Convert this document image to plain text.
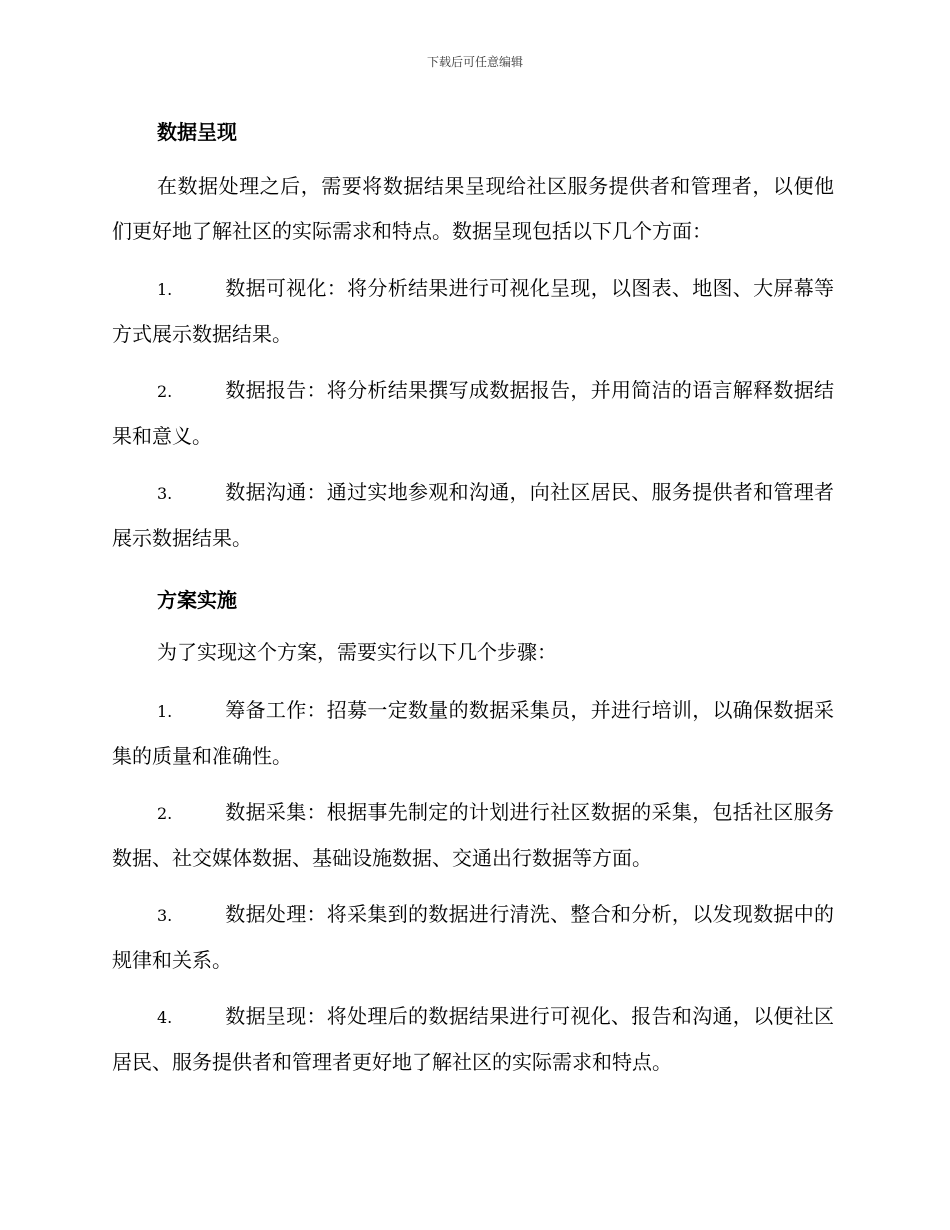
下载后可任意编辑
数据呈现
在数据处理之后，需要将数据结果呈现给社区服务提供者和管理者，以便他们更好地了解社区的实际需求和特点。数据呈现包括以下几个方面：
1.	数据可视化：将分析结果进行可视化呈现，以图表、地图、大屏幕等方式展示数据结果。
2.	数据报告：将分析结果撰写成数据报告，并用简洁的语言解释数据结果和意义。
3.	数据沟通：通过实地参观和沟通，向社区居民、服务提供者和管理者展示数据结果。
方案实施
为了实现这个方案，需要实行以下几个步骤：
1.	筹备工作：招募一定数量的数据采集员，并进行培训，以确保数据采集的质量和准确性。
2.	数据采集：根据事先制定的计划进行社区数据的采集，包括社区服务数据、社交媒体数据、基础设施数据、交通出行数据等方面。
3.	数据处理：将采集到的数据进行清洗、整合和分析，以发现数据中的规律和关系。
4.	数据呈现：将处理后的数据结果进行可视化、报告和沟通，以便社区居民、服务提供者和管理者更好地了解社区的实际需求和特点。
